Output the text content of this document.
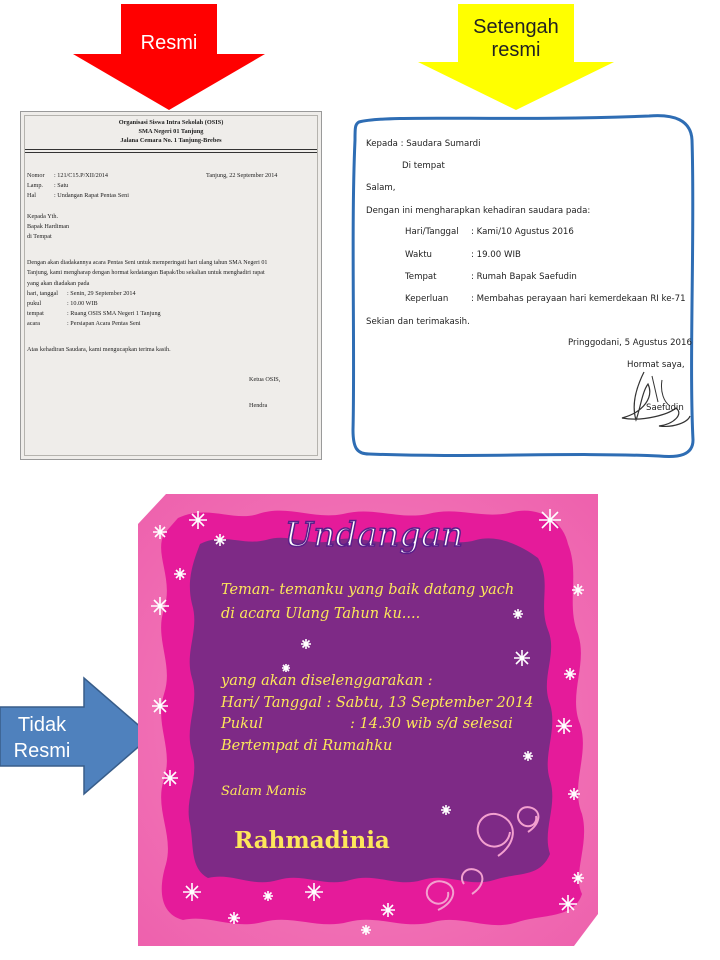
Resmi
Setengah
resmi
Tidak
Resmi
Organisasi Siswa Intra Sekolah (OSIS)
SMA Negeri 01 Tanjung
Jalana Cemara No. 1 Tanjung-Brebes
Nomor : 121/C15.P/XII/2014	Tanjung, 22 September 2014
Lamp. : Satu
Hal	: Undangan Rapat Pentas Seni
Kepada Yth.
Bapak Hardiman
di Tempat
Dengan akan diadakannya acara Pentas Seni untuk memperingati hari ulang tahun SMA Negeri 01
Tanjung, kami mengharap dengan hormat kedatangan Bapak/Ibu sekalian untuk menghadiri rapat
yang akan diadakan pada
hari, tanggal : Senin, 29 September 2014
pukul	: 10.00 WIB
tempat	: Ruang OSIS SMA Negeri 1 Tanjung
acara	: Persiapan Acara Pentas Seni
Atas kehadiran Saudara, kami mengucapkan terima kasih.
Ketua OSIS,
Hendra
Kepada : Saudara Sumardi
Di tempat
Salam,
Dengan ini mengharapkan kehadiran saudara pada:
Hari/Tanggal : Kami/10 Agustus 2016
Waktu	: 19.00 WIB
Tempat	: Rumah Bapak Saefudin
Keperluan	: Membahas perayaan hari kemerdekaan RI ke-71
Sekian dan terimakasih.
Pringgodani, 5 Agustus 2016
Hormat saya,
Saefudin
Undangan
Rahmadinia
Teman- temanku yang baik datang yach
di acara Ulang Tahun ku....
yang akan diselenggarakan :
Hari/ Tanggal : Sabtu, 13 September 2014
Pukul	: 14.30 wib s/d selesai
Bertempat di Rumahku
Salam Manis
